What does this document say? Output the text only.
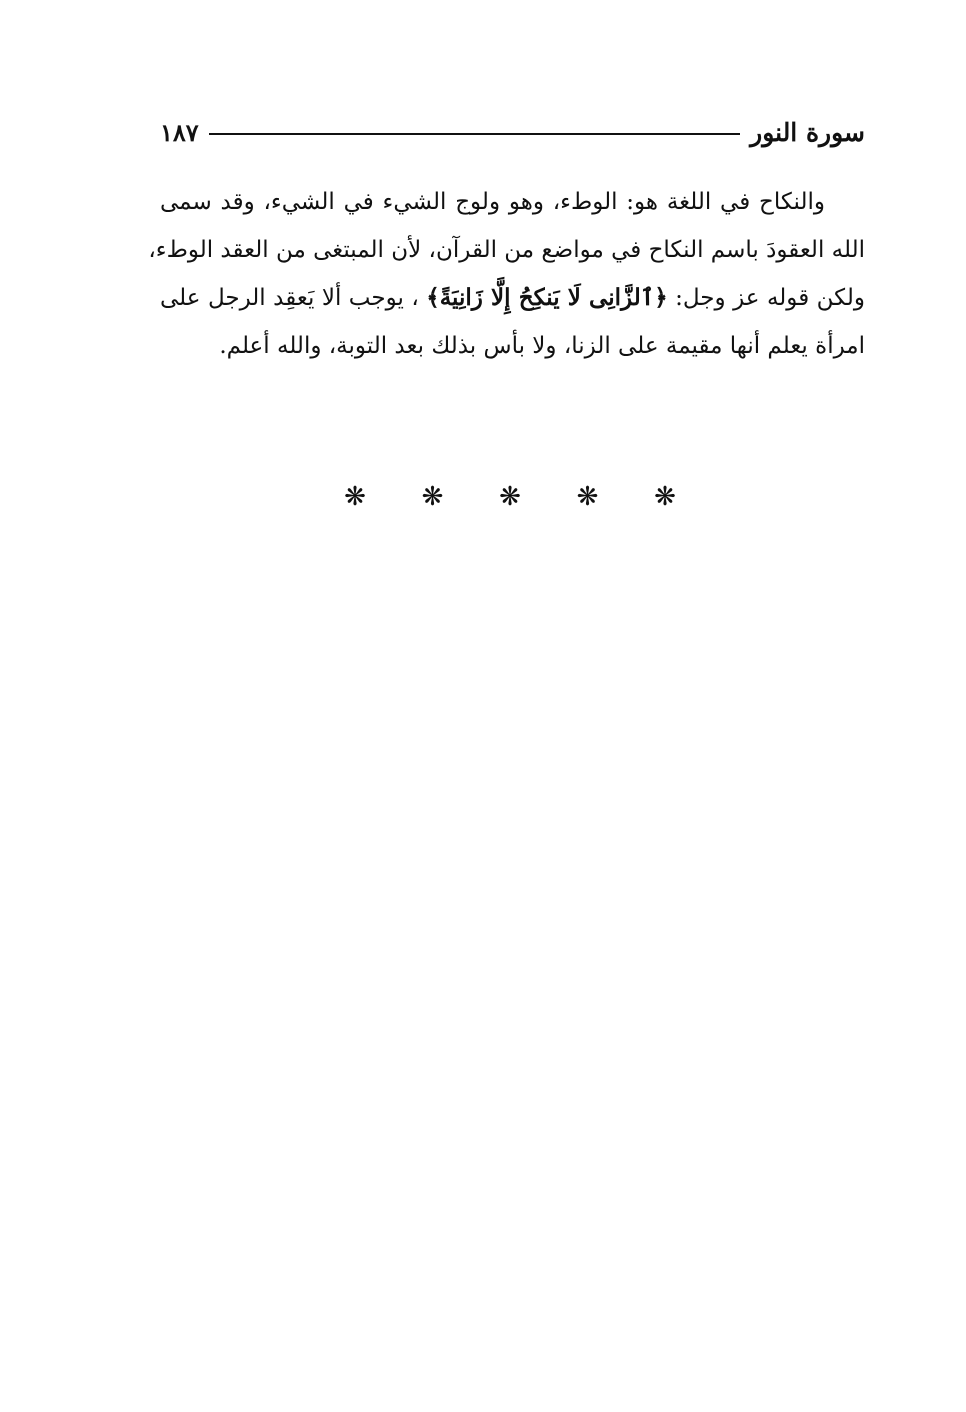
سورة النور
١٨٧
والنكاح في اللغة هو: الوطء، وهو ولوج الشيء في الشيء، وقد سمى
الله العقودَ باسم النكاح في مواضع من القرآن، لأن المبتغى من العقد الوطء،
ولكن قوله عز وجل: ﴿ٱلزَّانِى لَا يَنكِحُ إِلَّا زَانِيَةً﴾ ، يوجب ألا يَعقِد الرجل على
امرأة يعلم أنها مقيمة على الزنا، ولا بأس بذلك بعد التوبة، والله أعلم.
❋ ❋ ❋ ❋ ❋
